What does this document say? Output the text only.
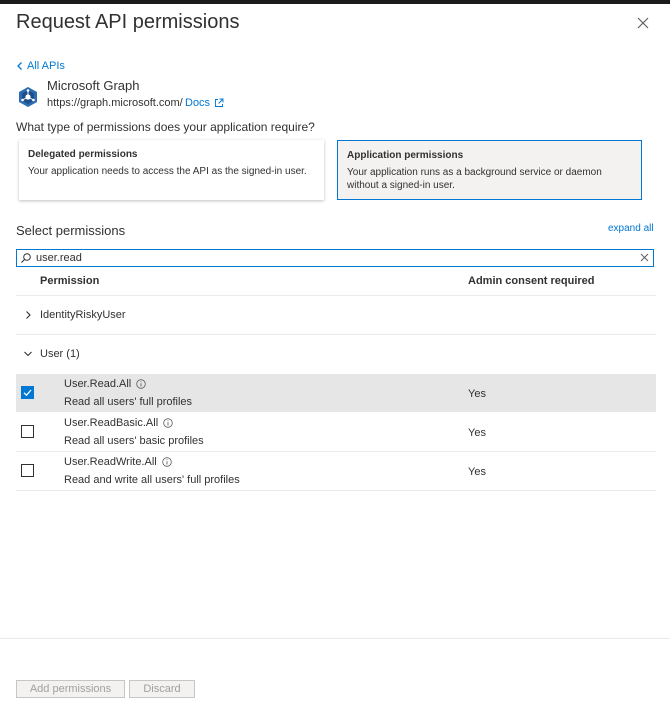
Request API permissions
All APIs
Microsoft Graph
https://graph.microsoft.com/ Docs
What type of permissions does your application require?
Delegated permissions
Your application needs to access the API as the signed-in user.
Application permissions
Your application runs as a background service or daemon without a signed-in user.
Select permissions	expand all
user.read
Permission	Admin consent required
IdentityRiskyUser
User (1)
User.Read.All
Read all users' full profiles
Yes
User.ReadBasic.All
Read all users' basic profiles
Yes
User.ReadWrite.All
Read and write all users' full profiles
Yes
Add permissions	Discard
